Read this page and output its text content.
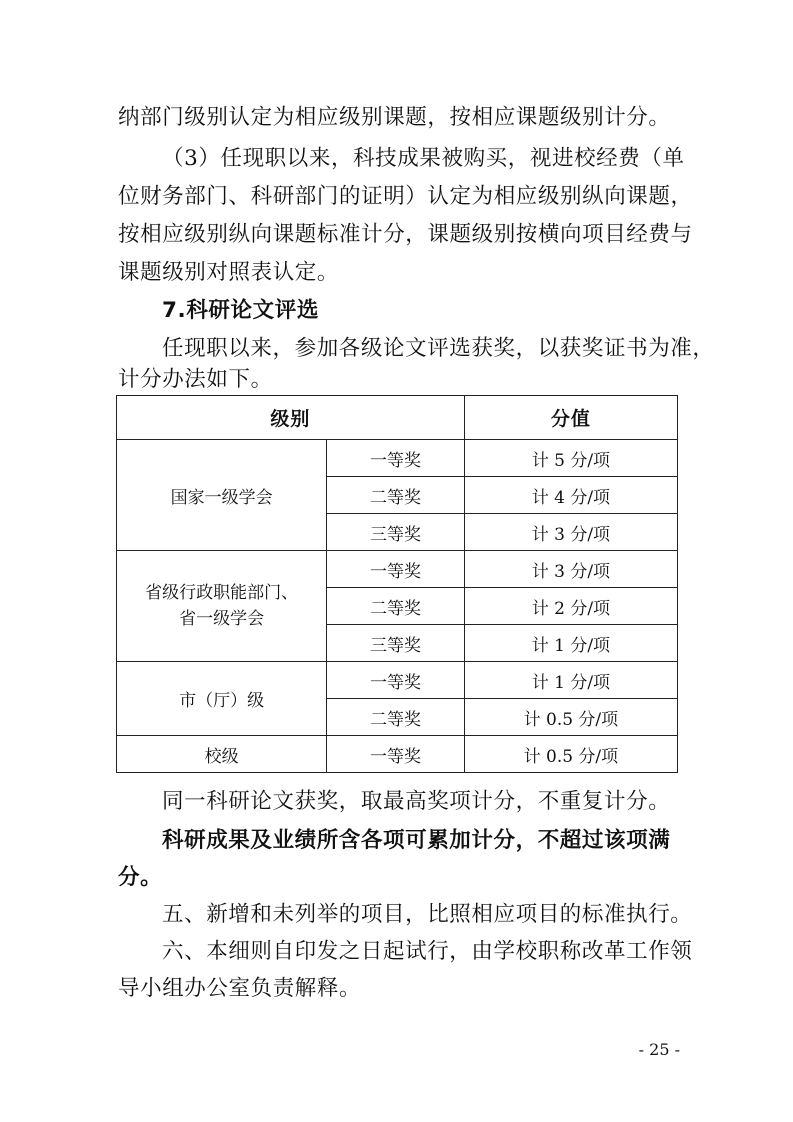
纳部门级别认定为相应级别课题，按相应课题级别计分。
（3）任现职以来，科技成果被购买，视进校经费（单
位财务部门、科研部门的证明）认定为相应级别纵向课题，
按相应级别纵向课题标准计分，课题级别按横向项目经费与
课题级别对照表认定。
7.科研论文评选
任现职以来，参加各级论文评选获奖，以获奖证书为准，
计分办法如下。
级别		分值
国家一级学会	一等奖	计 5 分/项
	二等奖	计 4 分/项
	三等奖	计 3 分/项

省级行政职能部门、
省一级学会	一等奖	计 3 分/项
	二等奖	计 2 分/项
	三等奖	计 1 分/项
市（厅）级	一等奖	计 1 分/项
	二等奖	计 0.5 分/项
校级	一等奖	计 0.5 分/项
同一科研论文获奖，取最高奖项计分，不重复计分。
科研成果及业绩所含各项可累加计分，不超过该项满
分。
五、新增和未列举的项目，比照相应项目的标准执行。
六、本细则自印发之日起试行，由学校职称改革工作领
导小组办公室负责解释。
- 25 -
